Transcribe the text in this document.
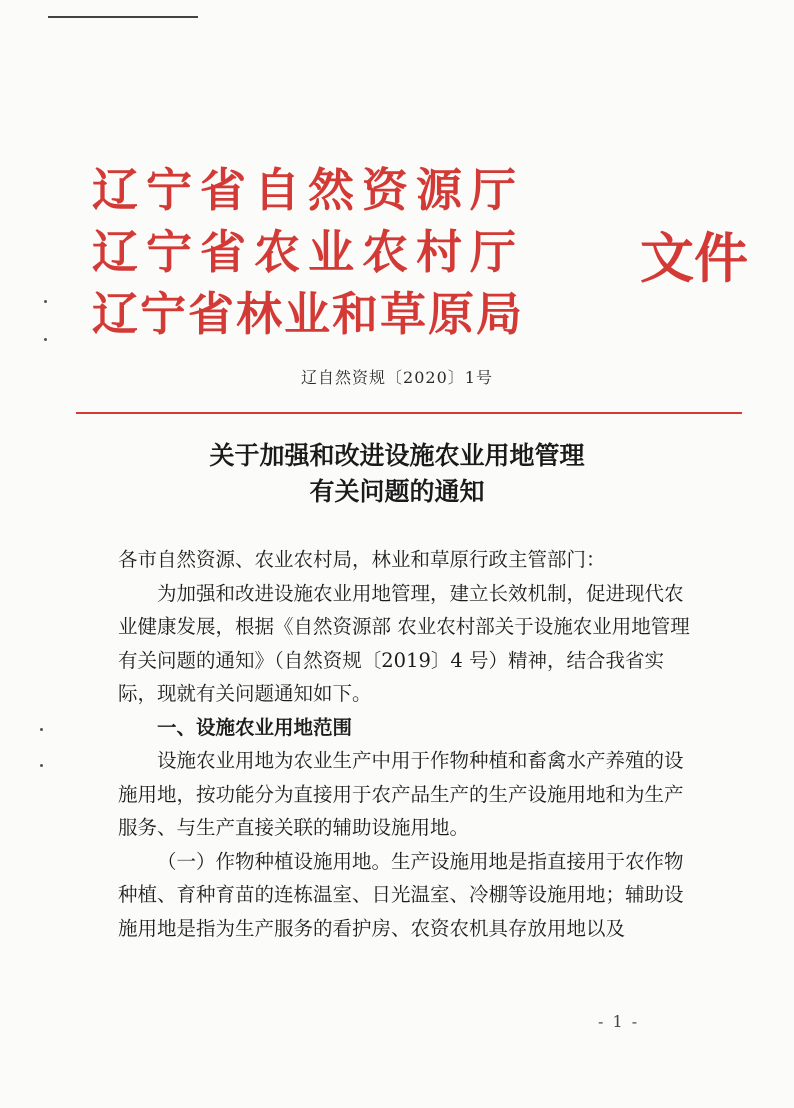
辽宁省自然资源厅
辽宁省农业农村厅
辽宁省林业和草原局
文件
辽自然资规〔2020〕1号
关于加强和改进设施农业用地管理
有关问题的通知

各市自然资源、农业农村局，林业和草原行政主管部门：

为加强和改进设施农业用地管理，建立长效机制，促进现代农业健康发展，根据《自然资源部 农业农村部关于设施农业用地管理有关问题的通知》（自然资规〔2019〕4 号）精神，结合我省实际，现就有关问题通知如下。

一、设施农业用地范围

设施农业用地为农业生产中用于作物种植和畜禽水产养殖的设施用地，按功能分为直接用于农产品生产的生产设施用地和为生产服务、与生产直接关联的辅助设施用地。

（一）作物种植设施用地。生产设施用地是指直接用于农作物种植、育种育苗的连栋温室、日光温室、冷棚等设施用地；辅助设施用地是指为生产服务的看护房、农资农机具存放用地以及

- 1 -
